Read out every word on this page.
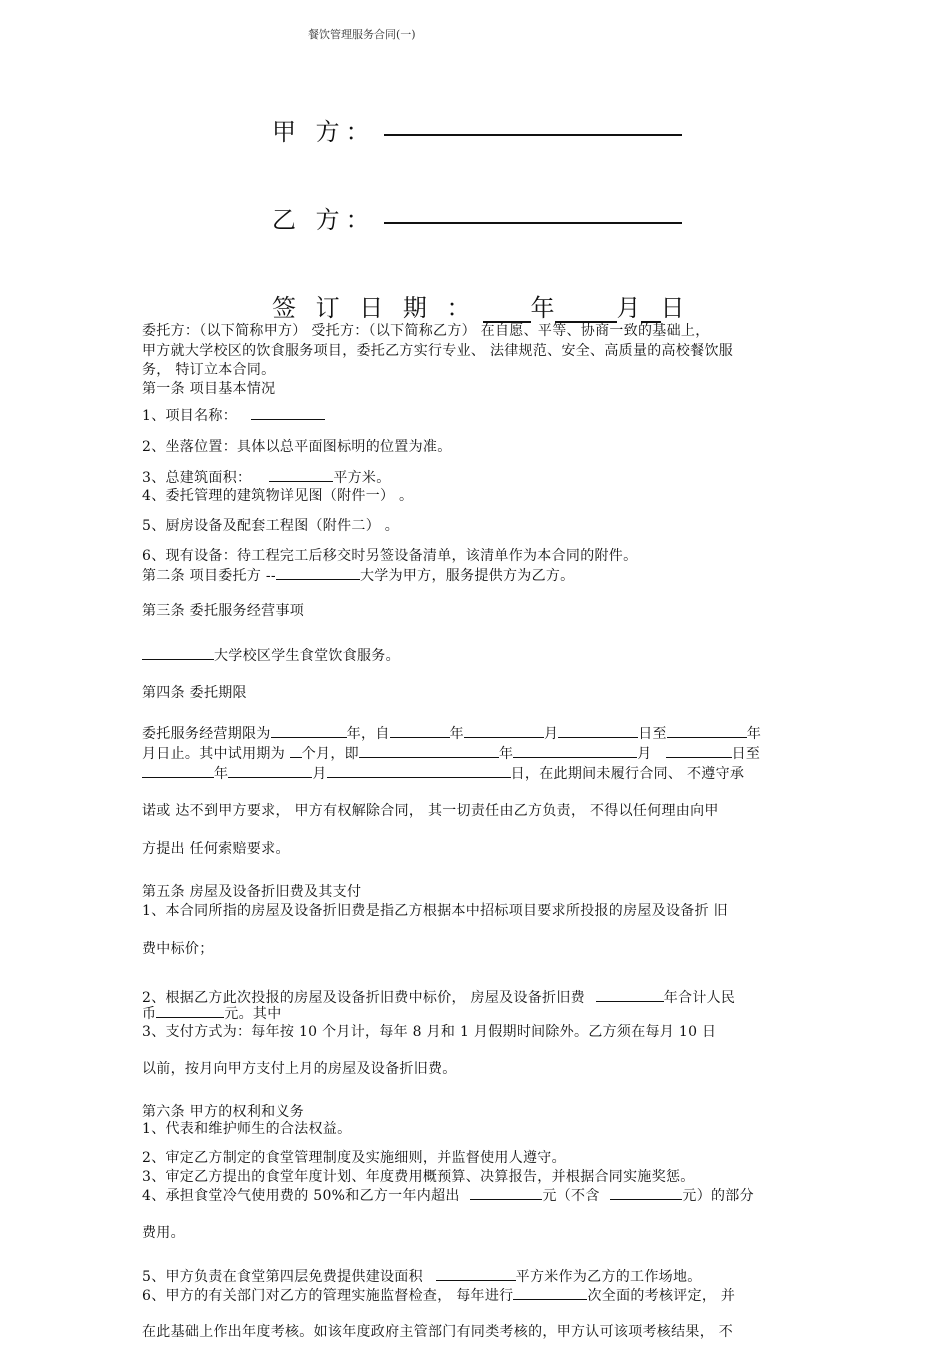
餐饮管理服务合同(一)
甲 方：
乙 方：
签 订 日 期 ： 年	月 日
委托方：（以下简称甲方） 受托方：（以下简称乙方） 在自愿、平等、协商一致的基础上，
甲方就大学校区的饮食服务项目，委托乙方实行专业、 法律规范、安全、高质量的高校餐饮服
务， 特订立本合同。
第一条 项目基本情况
1、项目名称：
2、坐落位置：具体以总平面图标明的位置为准。
3、总建筑面积：	平方米。
4、委托管理的建筑物详见图（附件一） 。
5、厨房设备及配套工程图（附件二） 。
6、现有设备：待工程完工后移交时另签设备清单，该清单作为本合同的附件。
第二条 项目委托方 --	大学为甲方，服务提供方为乙方。
第三条 委托服务经营事项
大学校区学生食堂饮食服务。
第四条 委托期限
委托服务经营期限为	年，自	年	月	日至	年
月日止。其中试用期为 个月，即	年	月	日至
年	月	日，在此期间未履行合同、 不遵守承
诺或 达不到甲方要求， 甲方有权解除合同， 其一切责任由乙方负责， 不得以任何理由向甲
方提出 任何索赔要求。
第五条 房屋及设备折旧费及其支付
1、本合同所指的房屋及设备折旧费是指乙方根据本中招标项目要求所投报的房屋及设备折 旧
费中标价；
2、根据乙方此次投报的房屋及设备折旧费中标价， 房屋及设备折旧费	年合计人民
币	元。其中
3、支付方式为：每年按 10 个月计，每年 8 月和 1 月假期时间除外。乙方须在每月 10 日
以前，按月向甲方支付上月的房屋及设备折旧费。
第六条 甲方的权利和义务
1、代表和维护师生的合法权益。
2、审定乙方制定的食堂管理制度及实施细则，并监督使用人遵守。
3、审定乙方提出的食堂年度计划、年度费用概预算、决算报告，并根据合同实施奖惩。
4、承担食堂冷气使用费的 50%和乙方一年内超出	元（不含	元）的部分
费用。
5、甲方负责在食堂第四层免费提供建设面积	平方米作为乙方的工作场地。
6、甲方的有关部门对乙方的管理实施监督检查， 每年进行	次全面的考核评定， 并
在此基础上作出年度考核。如该年度政府主管部门有同类考核的，甲方认可该项考核结果， 不
